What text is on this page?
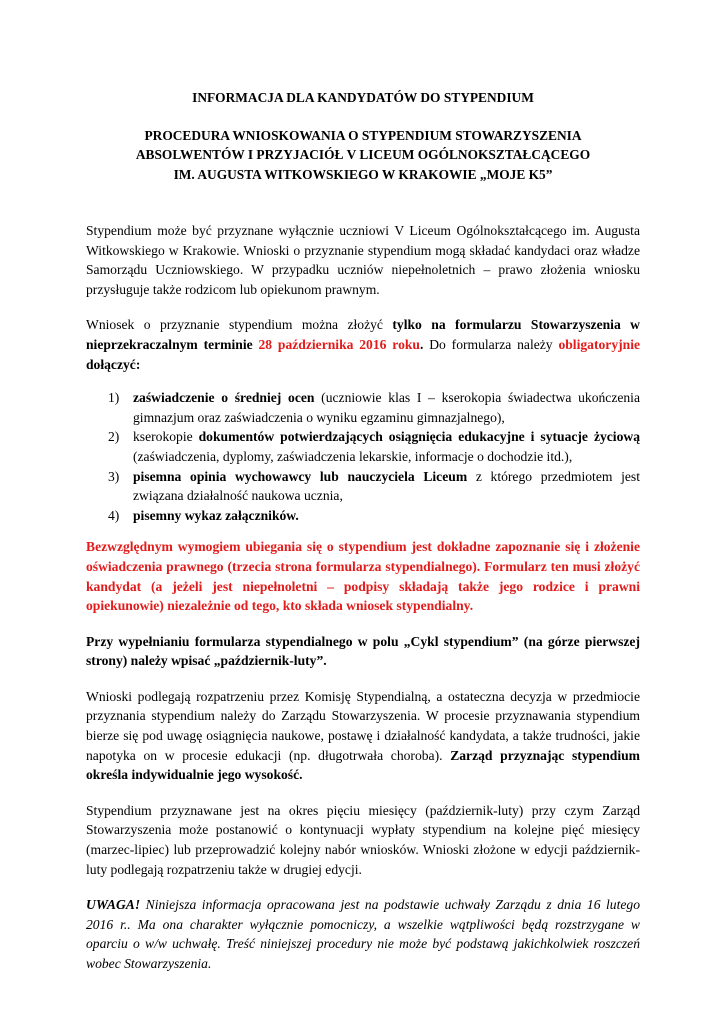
INFORMACJA DLA KANDYDATÓW DO STYPENDIUM

PROCEDURA WNIOSKOWANIA O STYPENDIUM STOWARZYSZENIA
ABSOLWENTÓW I PRZYJACIÓŁ V LICEUM OGÓLNOKSZTAŁCĄCEGO
IM. AUGUSTA WITKOWSKIEGO W KRAKOWIE „MOJE K5”

Stypendium może być przyznane wyłącznie uczniowi V Liceum Ogólnokształcącego im. Augusta Witkowskiego w Krakowie. Wnioski o przyznanie stypendium mogą składać kandydaci oraz władze Samorządu Uczniowskiego. W przypadku uczniów niepełnoletnich – prawo złożenia wniosku przysługuje także rodzicom lub opiekunom prawnym.

Wniosek o przyznanie stypendium można złożyć tylko na formularzu Stowarzyszenia w nieprzekraczalnym terminie 28 października 2016 roku. Do formularza należy obligatoryjnie dołączyć:

1) zaświadczenie o średniej ocen (uczniowie klas I – kserokopia świadectwa ukończenia gimnazjum oraz zaświadczenia o wyniku egzaminu gimnazjalnego),
2) kserokopie dokumentów potwierdzających osiągnięcia edukacyjne i sytuacje życiową (zaświadczenia, dyplomy, zaświadczenia lekarskie, informacje o dochodzie itd.),
3) pisemna opinia wychowawcy lub nauczyciela Liceum z którego przedmiotem jest związana działalność naukowa ucznia,
4) pisemny wykaz załączników.

Bezwzględnym wymogiem ubiegania się o stypendium jest dokładne zapoznanie się i złożenie oświadczenia prawnego (trzecia strona formularza stypendialnego). Formularz ten musi złożyć kandydat (a jeżeli jest niepełnoletni – podpisy składają także jego rodzice i prawni opiekunowie) niezależnie od tego, kto składa wniosek stypendialny.

Przy wypełnianiu formularza stypendialnego w polu „Cykl stypendium” (na górze pierwszej strony) należy wpisać „październik-luty”.

Wnioski podlegają rozpatrzeniu przez Komisję Stypendialną, a ostateczna decyzja w przedmiocie przyznania stypendium należy do Zarządu Stowarzyszenia. W procesie przyznawania stypendium bierze się pod uwagę osiągnięcia naukowe, postawę i działalność kandydata, a także trudności, jakie napotyka on w procesie edukacji (np. długotrwała choroba). Zarząd przyznając stypendium określa indywidualnie jego wysokość.

Stypendium przyznawane jest na okres pięciu miesięcy (październik-luty) przy czym Zarząd Stowarzyszenia może postanowić o kontynuacji wypłaty stypendium na kolejne pięć miesięcy (marzec-lipiec) lub przeprowadzić kolejny nabór wniosków. Wnioski złożone w edycji październik-luty podlegają rozpatrzeniu także w drugiej edycji.

UWAGA! Niniejsza informacja opracowana jest na podstawie uchwały Zarządu z dnia 16 lutego 2016 r.. Ma ona charakter wyłącznie pomocniczy, a wszelkie wątpliwości będą rozstrzygane w oparciu o w/w uchwałę. Treść niniejszej procedury nie może być podstawą jakichkolwiek roszczeń wobec Stowarzyszenia.
